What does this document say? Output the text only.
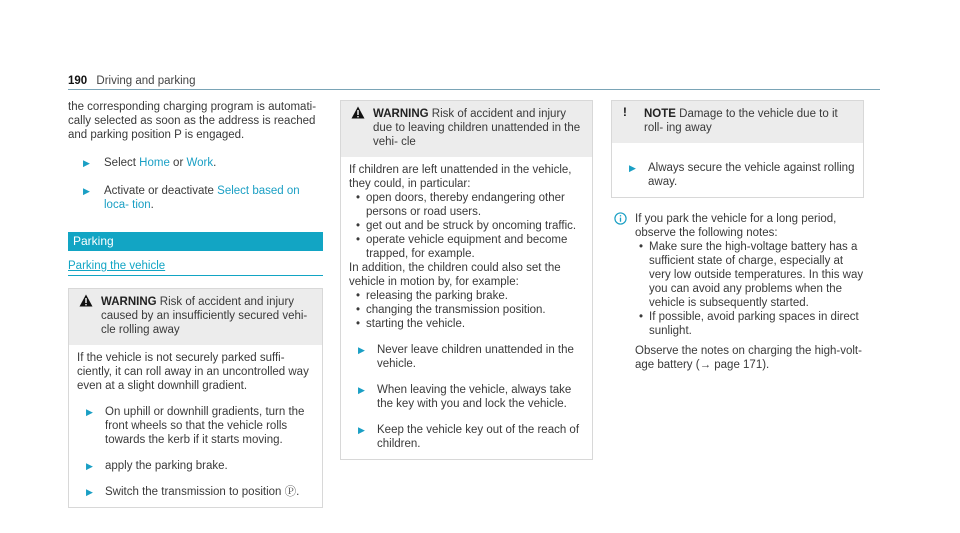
190 Driving and parking

the corresponding charging program is automati- cally selected as soon as the address is reached and parking position P is engaged.

▶ Select Home or Work.
▶ Activate or deactivate Select based on loca- tion.
Parking
Parking the vehicle
WARNING Risk of accident and injury caused by an insufficiently secured vehi- cle rolling away

If the vehicle is not securely parked suffi- ciently, it can roll away in an uncontrolled way even at a slight downhill gradient.

▶ On uphill or downhill gradients, turn the front wheels so that the vehicle rolls towards the kerb if it starts moving.
▶ apply the parking brake.
▶ Switch the transmission to position Ⓟ.
WARNING Risk of accident and injury due to leaving children unattended in the vehi- cle

If children are left unattended in the vehicle, they could, in particular:

• open doors, thereby endangering other persons or road users.
• get out and be struck by oncoming traffic.
• operate vehicle equipment and become trapped, for example.

In addition, the children could also set the vehicle in motion by, for example:

• releasing the parking brake.
• changing the transmission position.
• starting the vehicle.
▶ Never leave children unattended in the vehicle.
▶ When leaving the vehicle, always take the key with you and lock the vehicle.
▶ Keep the vehicle key out of the reach of children.
! NOTE Damage to the vehicle due to it roll- ing away
▶ Always secure the vehicle against rolling away.

If you park the vehicle for a long period, observe the following notes:

• Make sure the high-voltage battery has a sufficient state of charge, especially at very low outside temperatures. In this way you can avoid any problems when the vehicle is subsequently started.
• If possible, avoid parking spaces in direct sunlight.

Observe the notes on charging the high-volt- age battery (→ page 171).
